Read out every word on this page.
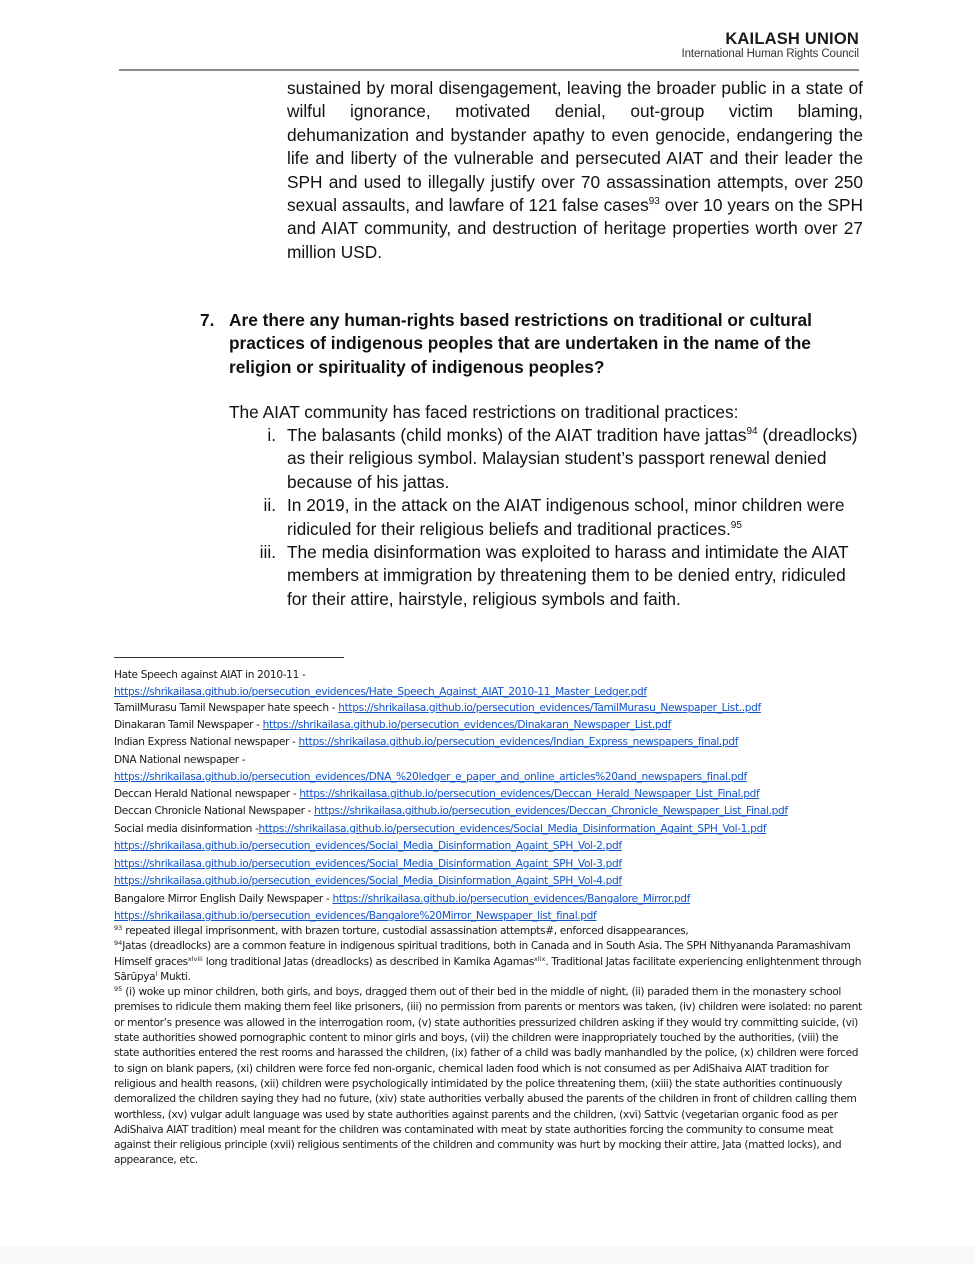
KAILASH UNION
International Human Rights Council
sustained by moral disengagement, leaving the broader public in a state of wilful ignorance, motivated denial, out-group victim blaming, dehumanization and bystander apathy to even genocide, endangering the life and liberty of the vulnerable and persecuted AIAT and their leader the SPH and used to illegally justify over 70 assassination attempts, over 250 sexual assaults, and lawfare of 121 false cases$^{93}$ over 10 years on the SPH and AIAT community, and destruction of heritage properties worth over 27 million USD.
7. Are there any human-rights based restrictions on traditional or cultural practices of indigenous peoples that are undertaken in the name of the religion or spirituality of indigenous peoples?
The AIAT community has faced restrictions on traditional practices:
i. The balasants (child monks) of the AIAT tradition have jattas$^{94}$ (dreadlocks) as their religious symbol. Malaysian student’s passport renewal denied because of his jattas.
ii. In 2019, in the attack on the AIAT indigenous school, minor children were ridiculed for their religious beliefs and traditional practices.$^{95}$
iii. The media disinformation was exploited to harass and intimidate the AIAT members at immigration by threatening them to be denied entry, ridiculed for their attire, hairstyle, religious symbols and faith.
Hate Speech against AIAT in 2010-11 -
https://shrikailasa.github.io/persecution_evidences/Hate_Speech_Against_AIAT_2010-11_Master_Ledger.pdf
TamilMurasu Tamil Newspaper hate speech - https://shrikailasa.github.io/persecution_evidences/TamilMurasu_Newspaper_List..pdf
Dinakaran Tamil Newspaper - https://shrikailasa.github.io/persecution_evidences/Dinakaran_Newspaper_List.pdf
Indian Express National newspaper - https://shrikailasa.github.io/persecution_evidences/Indian_Express_newspapers_final.pdf
DNA National newspaper -
https://shrikailasa.github.io/persecution_evidences/DNA_%20ledger_e_paper_and_online_articles%20and_newspapers_final.pdf
Deccan Herald National newspaper - https://shrikailasa.github.io/persecution_evidences/Deccan_Herald_Newspaper_List_Final.pdf
Deccan Chronicle National Newspaper - https://shrikailasa.github.io/persecution_evidences/Deccan_Chronicle_Newspaper_List_Final.pdf
Social media disinformation -https://shrikailasa.github.io/persecution_evidences/Social_Media_Disinformation_Againt_SPH_Vol-1.pdf
https://shrikailasa.github.io/persecution_evidences/Social_Media_Disinformation_Againt_SPH_Vol-2.pdf
https://shrikailasa.github.io/persecution_evidences/Social_Media_Disinformation_Againt_SPH_Vol-3.pdf
https://shrikailasa.github.io/persecution_evidences/Social_Media_Disinformation_Againt_SPH_Vol-4.pdf
Bangalore Mirror English Daily Newspaper - https://shrikailasa.github.io/persecution_evidences/Bangalore_Mirror.pdf
https://shrikailasa.github.io/persecution_evidences/Bangalore%20Mirror_Newspaper_list_final.pdf
$^{93}$ repeated illegal imprisonment, with brazen torture, custodial assassination attempts#, enforced disappearances,
$^{94}$Jatas (dreadlocks) are a common feature in indigenous spiritual traditions, both in Canada and in South Asia. The SPH Nithyananda Paramashivam Himself graces$^{xlviii}$ long traditional Jatas (dreadlocks) as described in Kamika Agamas$^{xlix}$. Traditional Jatas facilitate experiencing enlightenment through Sārūpya$^l$ Mukti.
$^{95}$ (i) woke up minor children, both girls, and boys, dragged them out of their bed in the middle of night, (ii) paraded them in the monastery school premises to ridicule them making them feel like prisoners, (iii) no permission from parents or mentors was taken, (iv) children were isolated: no parent or mentor’s presence was allowed in the interrogation room, (v) state authorities pressurized children asking if they would try committing suicide, (vi) state authorities showed pornographic content to minor girls and boys, (vii) the children were inappropriately touched by the authorities, (viii) the state authorities entered the rest rooms and harassed the children, (ix) father of a child was badly manhandled by the police, (x) children were forced to sign on blank papers, (xi) children were force fed non-organic, chemical laden food which is not consumed as per AdiShaiva AIAT tradition for religious and health reasons, (xii) children were psychologically intimidated by the police threatening them, (xiii) the state authorities continuously demoralized the children saying they had no future, (xiv) state authorities verbally abused the parents of the children in front of children calling them worthless, (xv) vulgar adult language was used by state authorities against parents and the children, (xvi) Sattvic (vegetarian organic food as per AdiShaiva AIAT tradition) meal meant for the children was contaminated with meat by state authorities forcing the community to consume meat against their religious principle (xvii) religious sentiments of the children and community was hurt by mocking their attire, Jata (matted locks), and appearance, etc.
